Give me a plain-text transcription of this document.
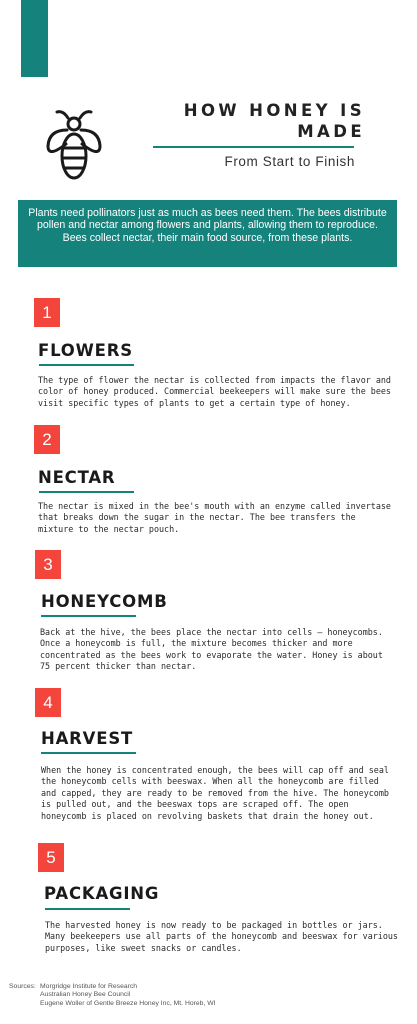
HOW HONEY IS
MADE
From Start to Finish
Plants need pollinators just as much as bees need them. The bees distribute pollen and nectar among flowers and plants, allowing them to reproduce. Bees collect nectar, their main food source, from these plants.
1
FLOWERS
The type of flower the nectar is collected from impacts the flavor and color of honey produced. Commercial beekeepers will make sure the bees visit specific types of plants to get a certain type of honey.
2
NECTAR
The nectar is mixed in the bee's mouth with an enzyme called invertase that breaks down the sugar in the nectar. The bee transfers the mixture to the nectar pouch.
3
HONEYCOMB
Back at the hive, the bees place the nectar into cells — honeycombs. Once a honeycomb is full, the mixture becomes thicker and more concentrated as the bees work to evaporate the water. Honey is about 75 percent thicker than nectar.
4
HARVEST
When the honey is concentrated enough, the bees will cap off and seal the honeycomb cells with beeswax. When all the honeycomb are filled and capped, they are ready to be removed from the hive. The honeycomb is pulled out, and the beeswax tops are scraped off. The open honeycomb is placed on revolving baskets that drain the honey out.
5
PACKAGING
The harvested honey is now ready to be packaged in bottles or jars. Many beekeepers use all parts of the honeycomb and beeswax for various purposes, like sweet snacks or candles.
Sources: Morgridge Institute for Research
Australian Honey Bee Council
Eugene Woller of Gentle Breeze Honey Inc, Mt. Horeb, WI
